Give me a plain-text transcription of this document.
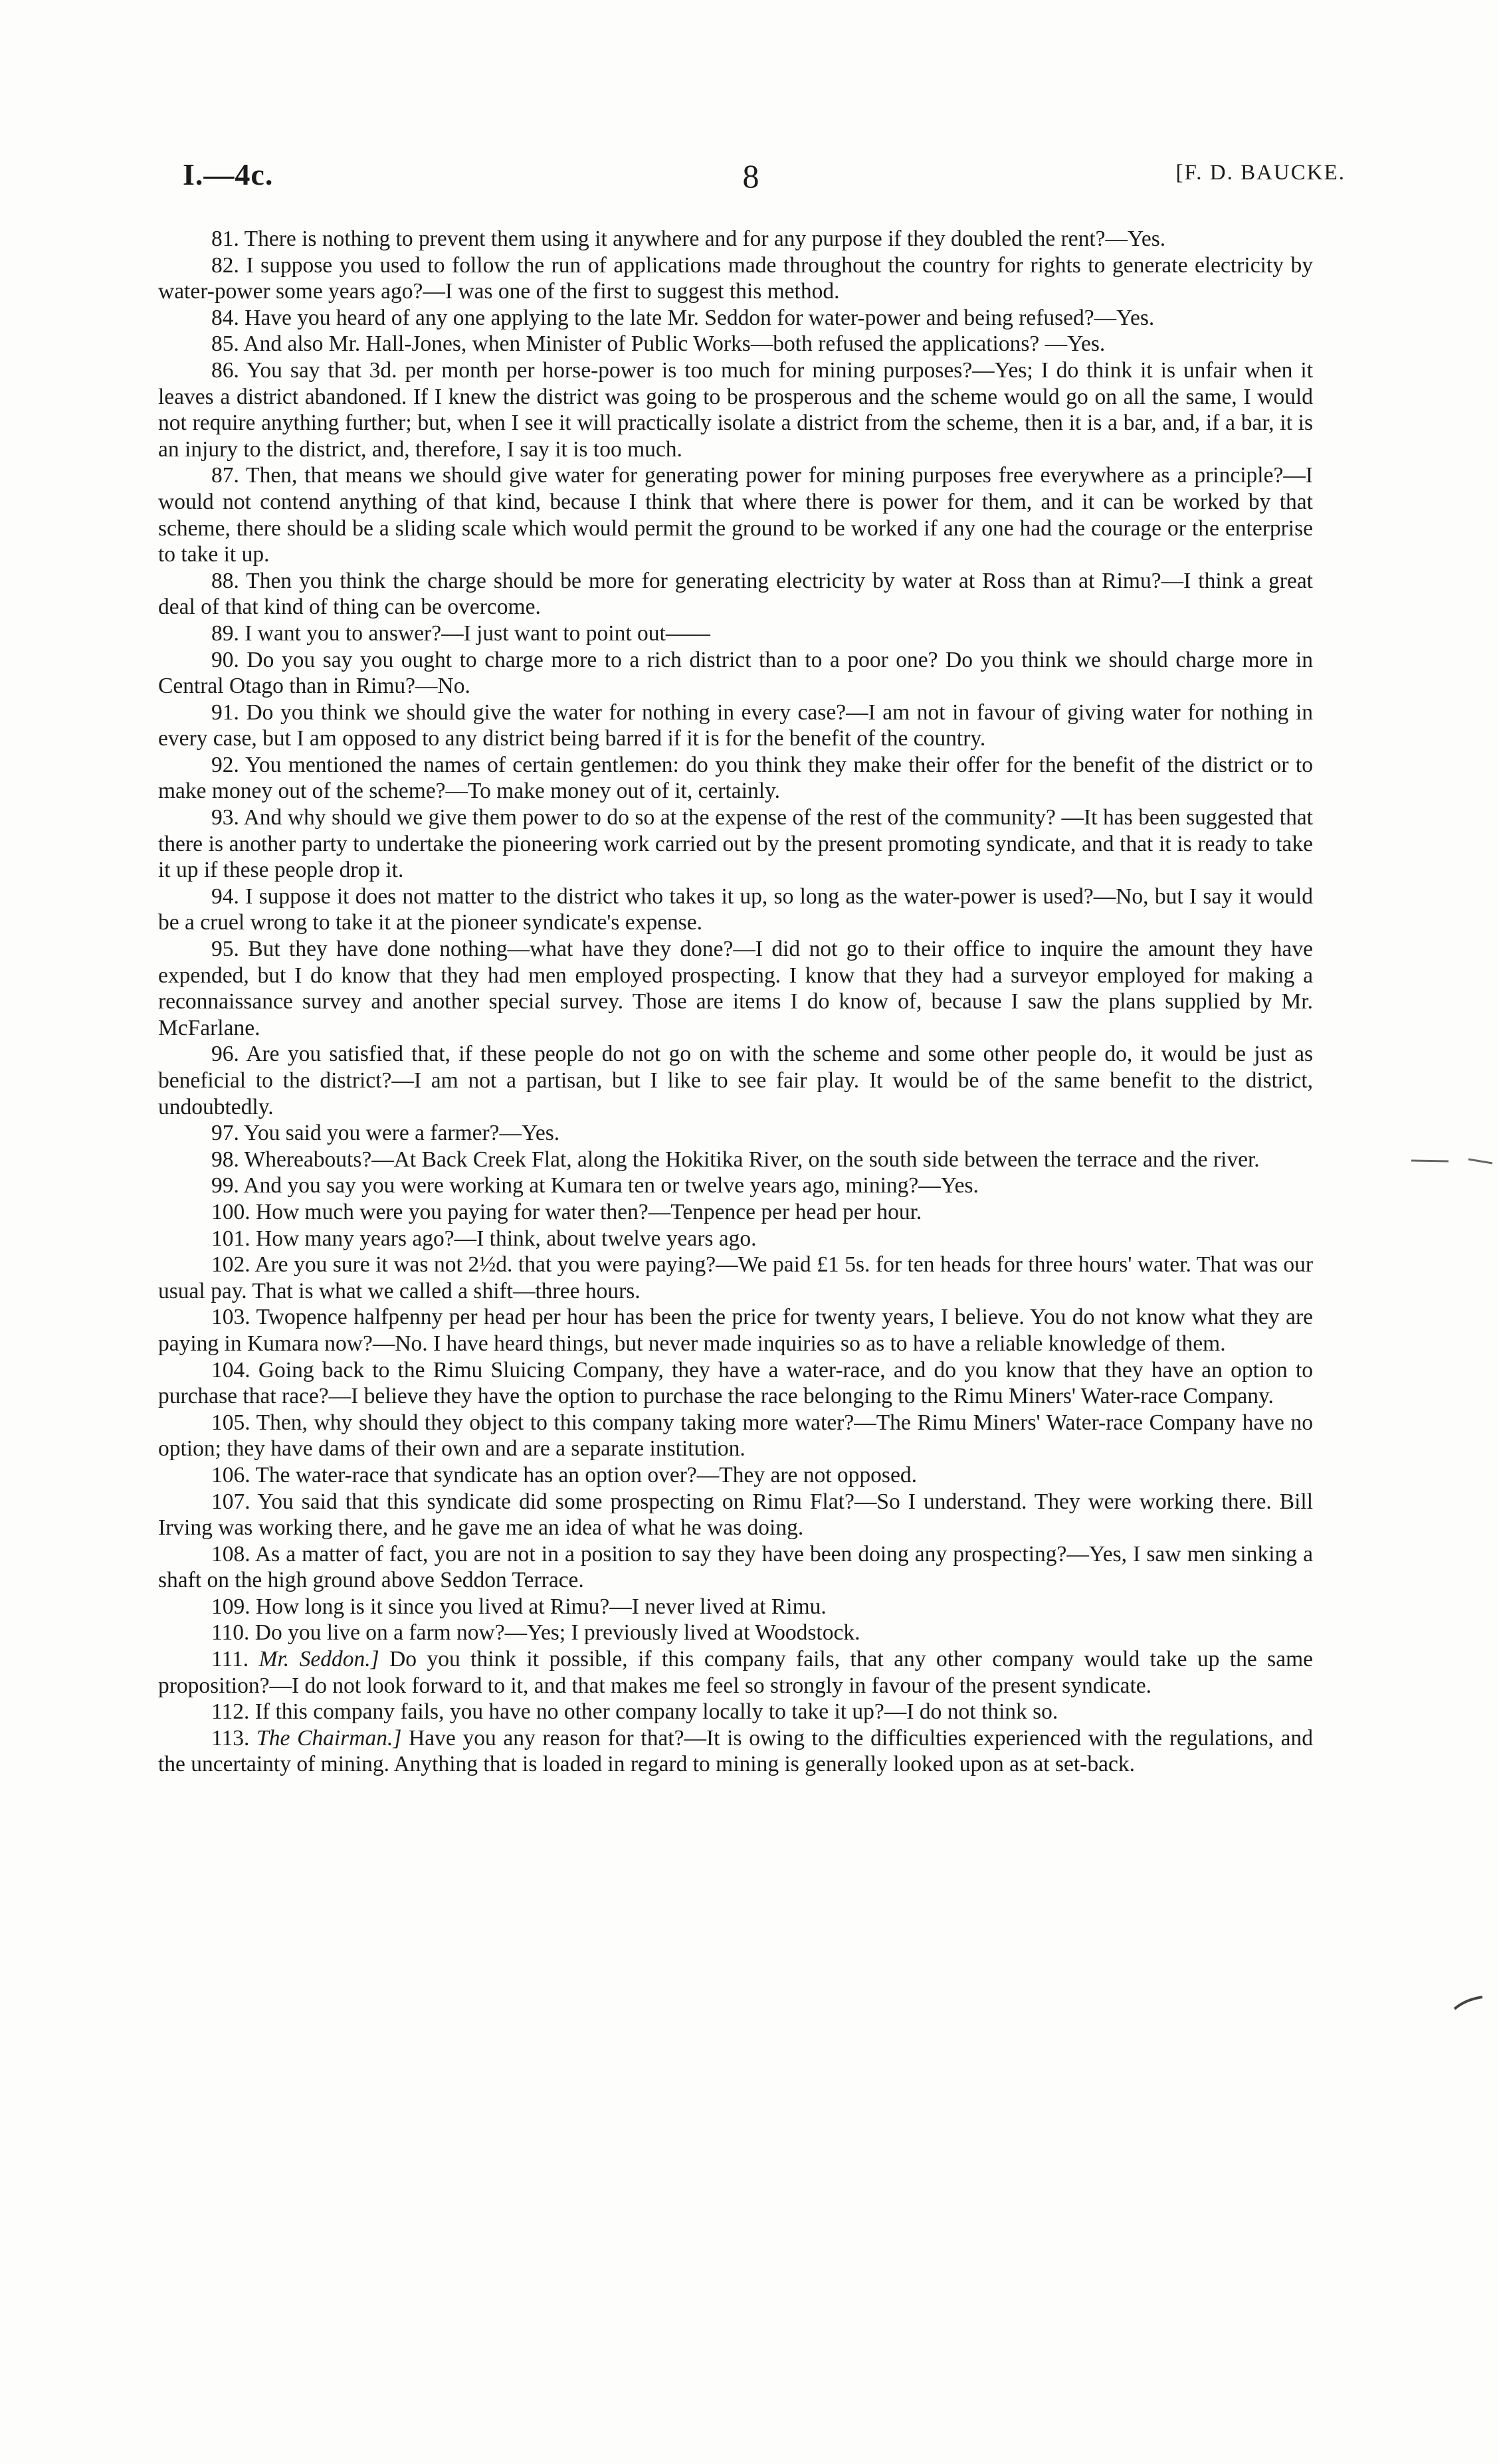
I.—4c.	8	[F. D. BAUCKE.

81. There is nothing to prevent them using it anywhere and for any purpose if they doubled the rent?—Yes.

82. I suppose you used to follow the run of applications made throughout the country for rights to generate electricity by water-power some years ago?—I was one of the first to suggest this method.

84. Have you heard of any one applying to the late Mr. Seddon for water-power and being refused?—Yes.

85. And also Mr. Hall-Jones, when Minister of Public Works—both refused the applications? —Yes.

86. You say that 3d. per month per horse-power is too much for mining purposes?—Yes; I do think it is unfair when it leaves a district abandoned. If I knew the district was going to be prosperous and the scheme would go on all the same, I would not require anything further; but, when I see it will practically isolate a district from the scheme, then it is a bar, and, if a bar, it is an injury to the district, and, therefore, I say it is too much.

87. Then, that means we should give water for generating power for mining purposes free everywhere as a principle?—I would not contend anything of that kind, because I think that where there is power for them, and it can be worked by that scheme, there should be a sliding scale which would permit the ground to be worked if any one had the courage or the enterprise to take it up.

88. Then you think the charge should be more for generating electricity by water at Ross than at Rimu?—I think a great deal of that kind of thing can be overcome.

89. I want you to answer?—I just want to point out——

90. Do you say you ought to charge more to a rich district than to a poor one? Do you think we should charge more in Central Otago than in Rimu?—No.

91. Do you think we should give the water for nothing in every case?—I am not in favour of giving water for nothing in every case, but I am opposed to any district being barred if it is for the benefit of the country.

92. You mentioned the names of certain gentlemen: do you think they make their offer for the benefit of the district or to make money out of the scheme?—To make money out of it, certainly.

93. And why should we give them power to do so at the expense of the rest of the community? —It has been suggested that there is another party to undertake the pioneering work carried out by the present promoting syndicate, and that it is ready to take it up if these people drop it.

94. I suppose it does not matter to the district who takes it up, so long as the water-power is used?—No, but I say it would be a cruel wrong to take it at the pioneer syndicate's expense.

95. But they have done nothing—what have they done?—I did not go to their office to inquire the amount they have expended, but I do know that they had men employed prospecting. I know that they had a surveyor employed for making a reconnaissance survey and another special survey. Those are items I do know of, because I saw the plans supplied by Mr. McFarlane.

96. Are you satisfied that, if these people do not go on with the scheme and some other people do, it would be just as beneficial to the district?—I am not a partisan, but I like to see fair play. It would be of the same benefit to the district, undoubtedly.

97. You said you were a farmer?—Yes.

98. Whereabouts?—At Back Creek Flat, along the Hokitika River, on the south side between the terrace and the river.

99. And you say you were working at Kumara ten or twelve years ago, mining?—Yes.

100. How much were you paying for water then?—Tenpence per head per hour.

101. How many years ago?—I think, about twelve years ago.

102. Are you sure it was not 2½d. that you were paying?—We paid £1 5s. for ten heads for three hours' water. That was our usual pay. That is what we called a shift—three hours.

103. Twopence halfpenny per head per hour has been the price for twenty years, I believe. You do not know what they are paying in Kumara now?—No. I have heard things, but never made inquiries so as to have a reliable knowledge of them.

104. Going back to the Rimu Sluicing Company, they have a water-race, and do you know that they have an option to purchase that race?—I believe they have the option to purchase the race belonging to the Rimu Miners' Water-race Company.

105. Then, why should they object to this company taking more water?—The Rimu Miners' Water-race Company have no option; they have dams of their own and are a separate institution.

106. The water-race that syndicate has an option over?—They are not opposed.

107. You said that this syndicate did some prospecting on Rimu Flat?—So I understand. They were working there. Bill Irving was working there, and he gave me an idea of what he was doing.

108. As a matter of fact, you are not in a position to say they have been doing any prospecting?—Yes, I saw men sinking a shaft on the high ground above Seddon Terrace.

109. How long is it since you lived at Rimu?—I never lived at Rimu.

110. Do you live on a farm now?—Yes; I previously lived at Woodstock.

111. Mr. Seddon.] Do you think it possible, if this company fails, that any other company would take up the same proposition?—I do not look forward to it, and that makes me feel so strongly in favour of the present syndicate.

112. If this company fails, you have no other company locally to take it up?—I do not think so.

113. The Chairman.] Have you any reason for that?—It is owing to the difficulties experienced with the regulations, and the uncertainty of mining. Anything that is loaded in regard to mining is generally looked upon as at set-back.
